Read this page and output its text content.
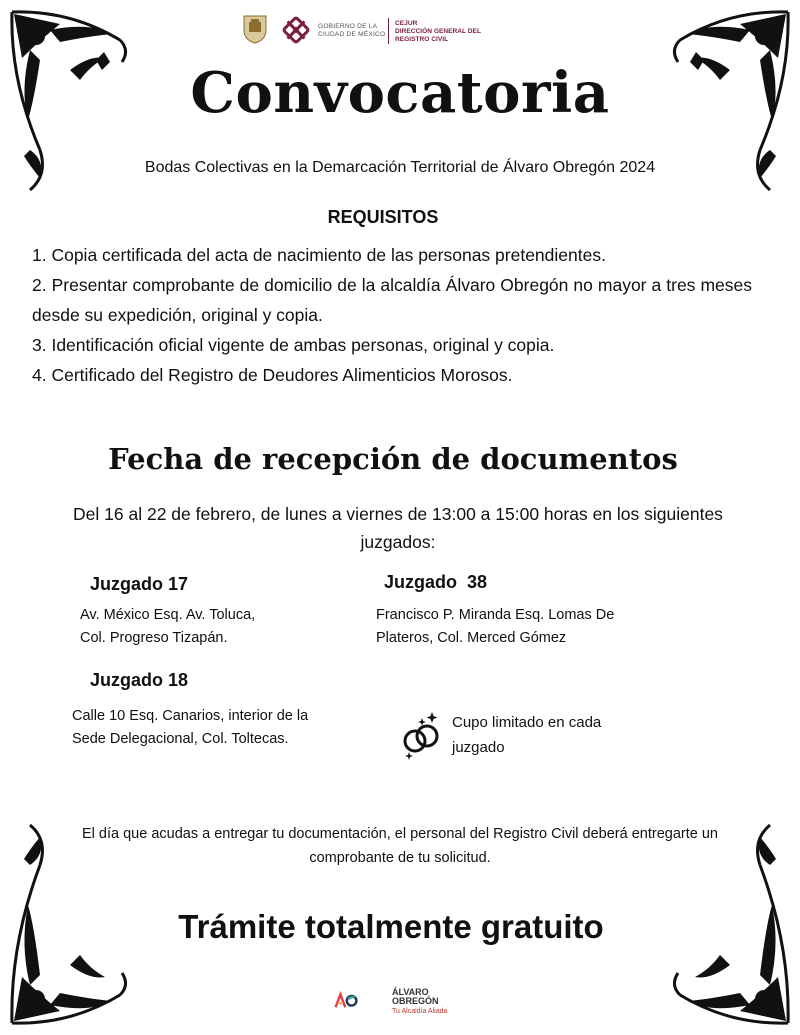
GOBIERNO DE LA
CIUDAD DE MÉXICO
CEJUR
DIRECCIÓN GENERAL DEL
REGISTRO CIVIL
Convocatoria
Bodas Colectivas en la Demarcación Territorial de Álvaro Obregón 2024
REQUISITOS
1. Copia certificada del acta de nacimiento de las personas pretendientes.
2. Presentar comprobante de domicilio de la alcaldía Álvaro Obregón no mayor a tres meses desde su expedición, original y copia.
3. Identificación oficial vigente de ambas personas, original y copia.
4. Certificado del Registro de Deudores Alimenticios Morosos.
Fecha de recepción de documentos
Del 16 al 22 de febrero, de lunes a viernes de 13:00 a 15:00 horas en los siguientes juzgados:
Juzgado 17
Av. México Esq. Av. Toluca,
Col. Progreso Tizapán.
Juzgado  38
Francisco P. Miranda Esq. Lomas De
Plateros, Col. Merced Gómez
Juzgado 18
Calle 10 Esq. Canarios, interior de la
Sede Delegacional, Col. Toltecas.
Cupo limitado en cada
juzgado
El día que acudas a entregar tu documentación, el personal del Registro Civil deberá entregarte un comprobante de tu solicitud.
Trámite totalmente gratuito
ÁLVARO
OBREGÓN
Tu Alcaldía Aliada
